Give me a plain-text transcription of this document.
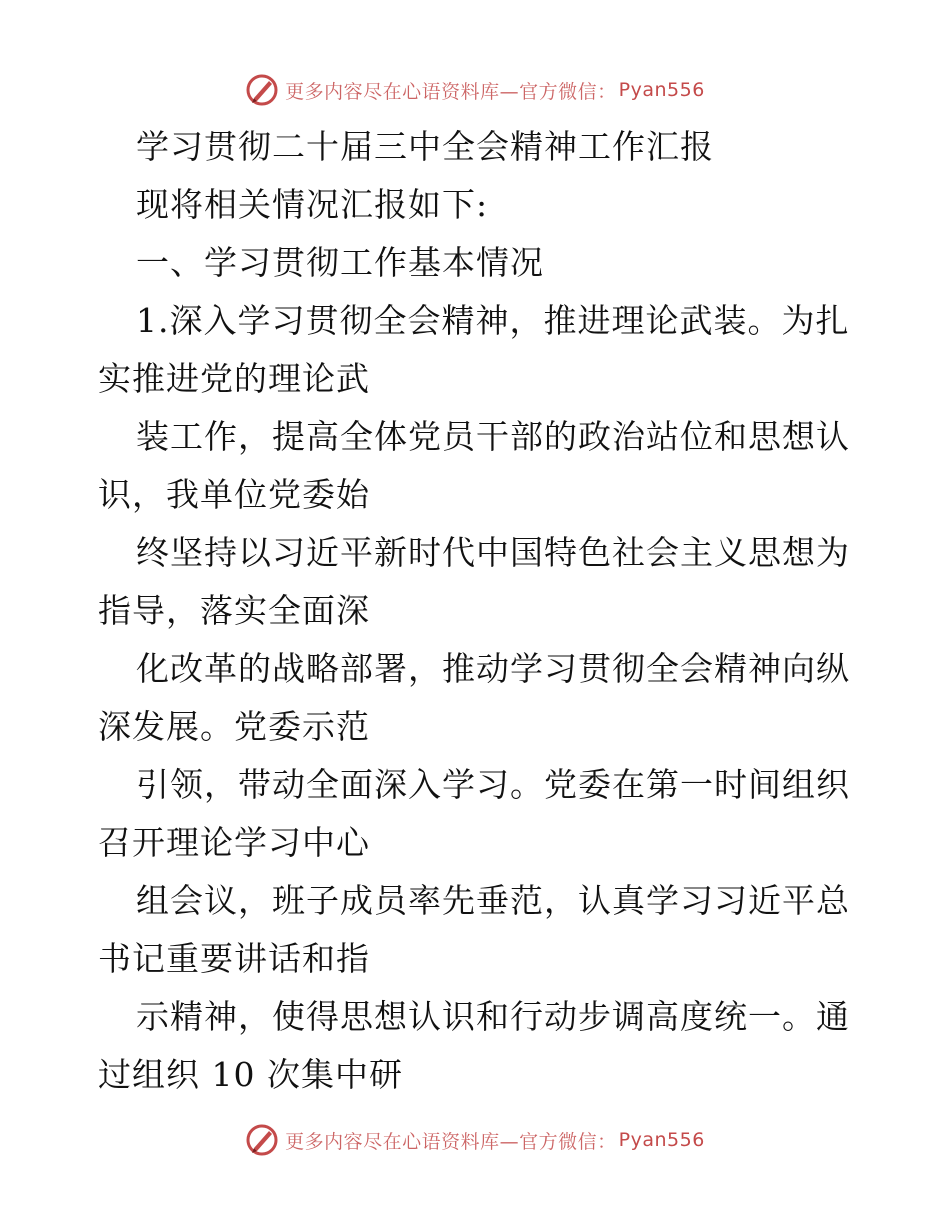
更多内容尽在心语资料库—官方微信： Pyan556
学习贯彻二十届三中全会精神工作汇报
现将相关情况汇报如下:
一、学习贯彻工作基本情况
1.深入学习贯彻全会精神，推进理论武装。为扎
实推进党的理论武
装工作，提高全体党员干部的政治站位和思想认
识，我单位党委始
终坚持以习近平新时代中国特色社会主义思想为
指导，落实全面深
化改革的战略部署，推动学习贯彻全会精神向纵
深发展。党委示范
引领，带动全面深入学习。党委在第一时间组织
召开理论学习中心
组会议，班子成员率先垂范，认真学习习近平总
书记重要讲话和指
示精神，使得思想认识和行动步调高度统一。通
过组织 10 次集中研
更多内容尽在心语资料库—官方微信： Pyan556
